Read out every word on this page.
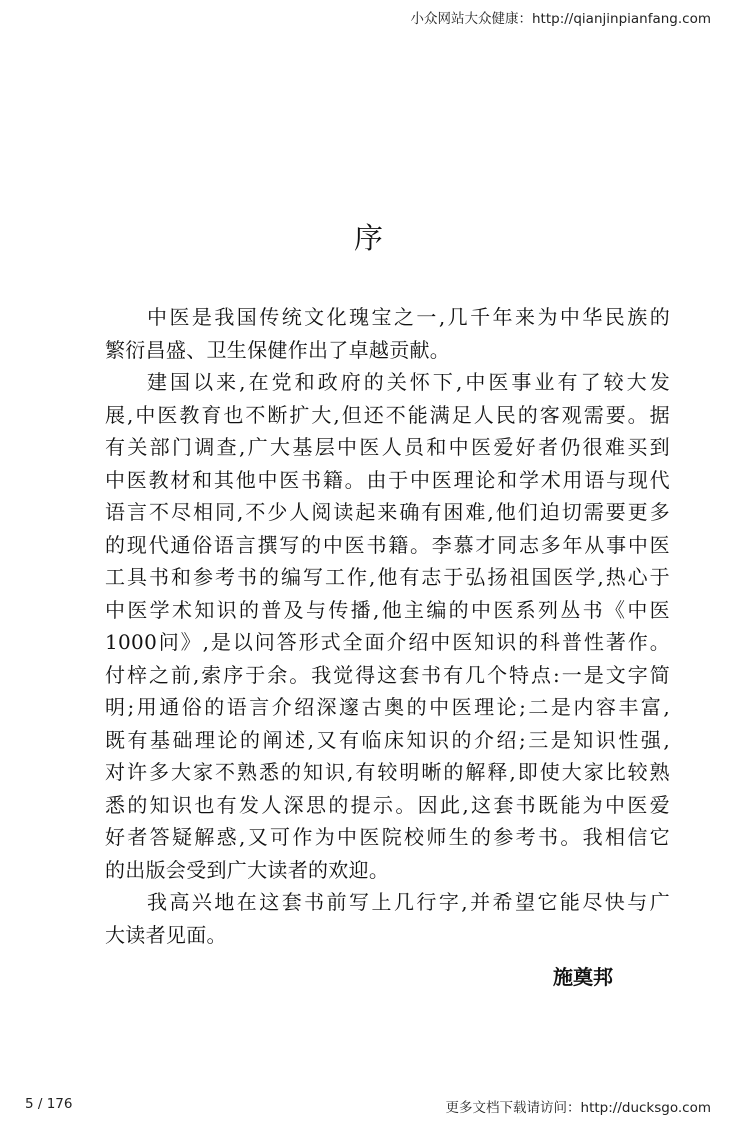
小众网站大众健康：http://qianjinpianfang.com
序
中医是我国传统文化瑰宝之一,几千年来为中华民族的
繁衍昌盛、卫生保健作出了卓越贡献。
建国以来,在党和政府的关怀下,中医事业有了较大发
展,中医教育也不断扩大,但还不能满足人民的客观需要。据
有关部门调查,广大基层中医人员和中医爱好者仍很难买到
中医教材和其他中医书籍。由于中医理论和学术用语与现代
语言不尽相同,不少人阅读起来确有困难,他们迫切需要更多
的现代通俗语言撰写的中医书籍。李慕才同志多年从事中医
工具书和参考书的编写工作,他有志于弘扬祖国医学,热心于
中医学术知识的普及与传播,他主编的中医系列丛书《中医
1000问》,是以问答形式全面介绍中医知识的科普性著作。
付梓之前,索序于余。我觉得这套书有几个特点:一是文字简
明;用通俗的语言介绍深邃古奥的中医理论;二是内容丰富,
既有基础理论的阐述,又有临床知识的介绍;三是知识性强,
对许多大家不熟悉的知识,有较明晰的解释,即使大家比较熟
悉的知识也有发人深思的提示。因此,这套书既能为中医爱
好者答疑解惑,又可作为中医院校师生的参考书。我相信它
的出版会受到广大读者的欢迎。
我高兴地在这套书前写上几行字,并希望它能尽快与广
大读者见面。
施奠邦
5 / 176	更多文档下载请访问：http://ducksgo.com
